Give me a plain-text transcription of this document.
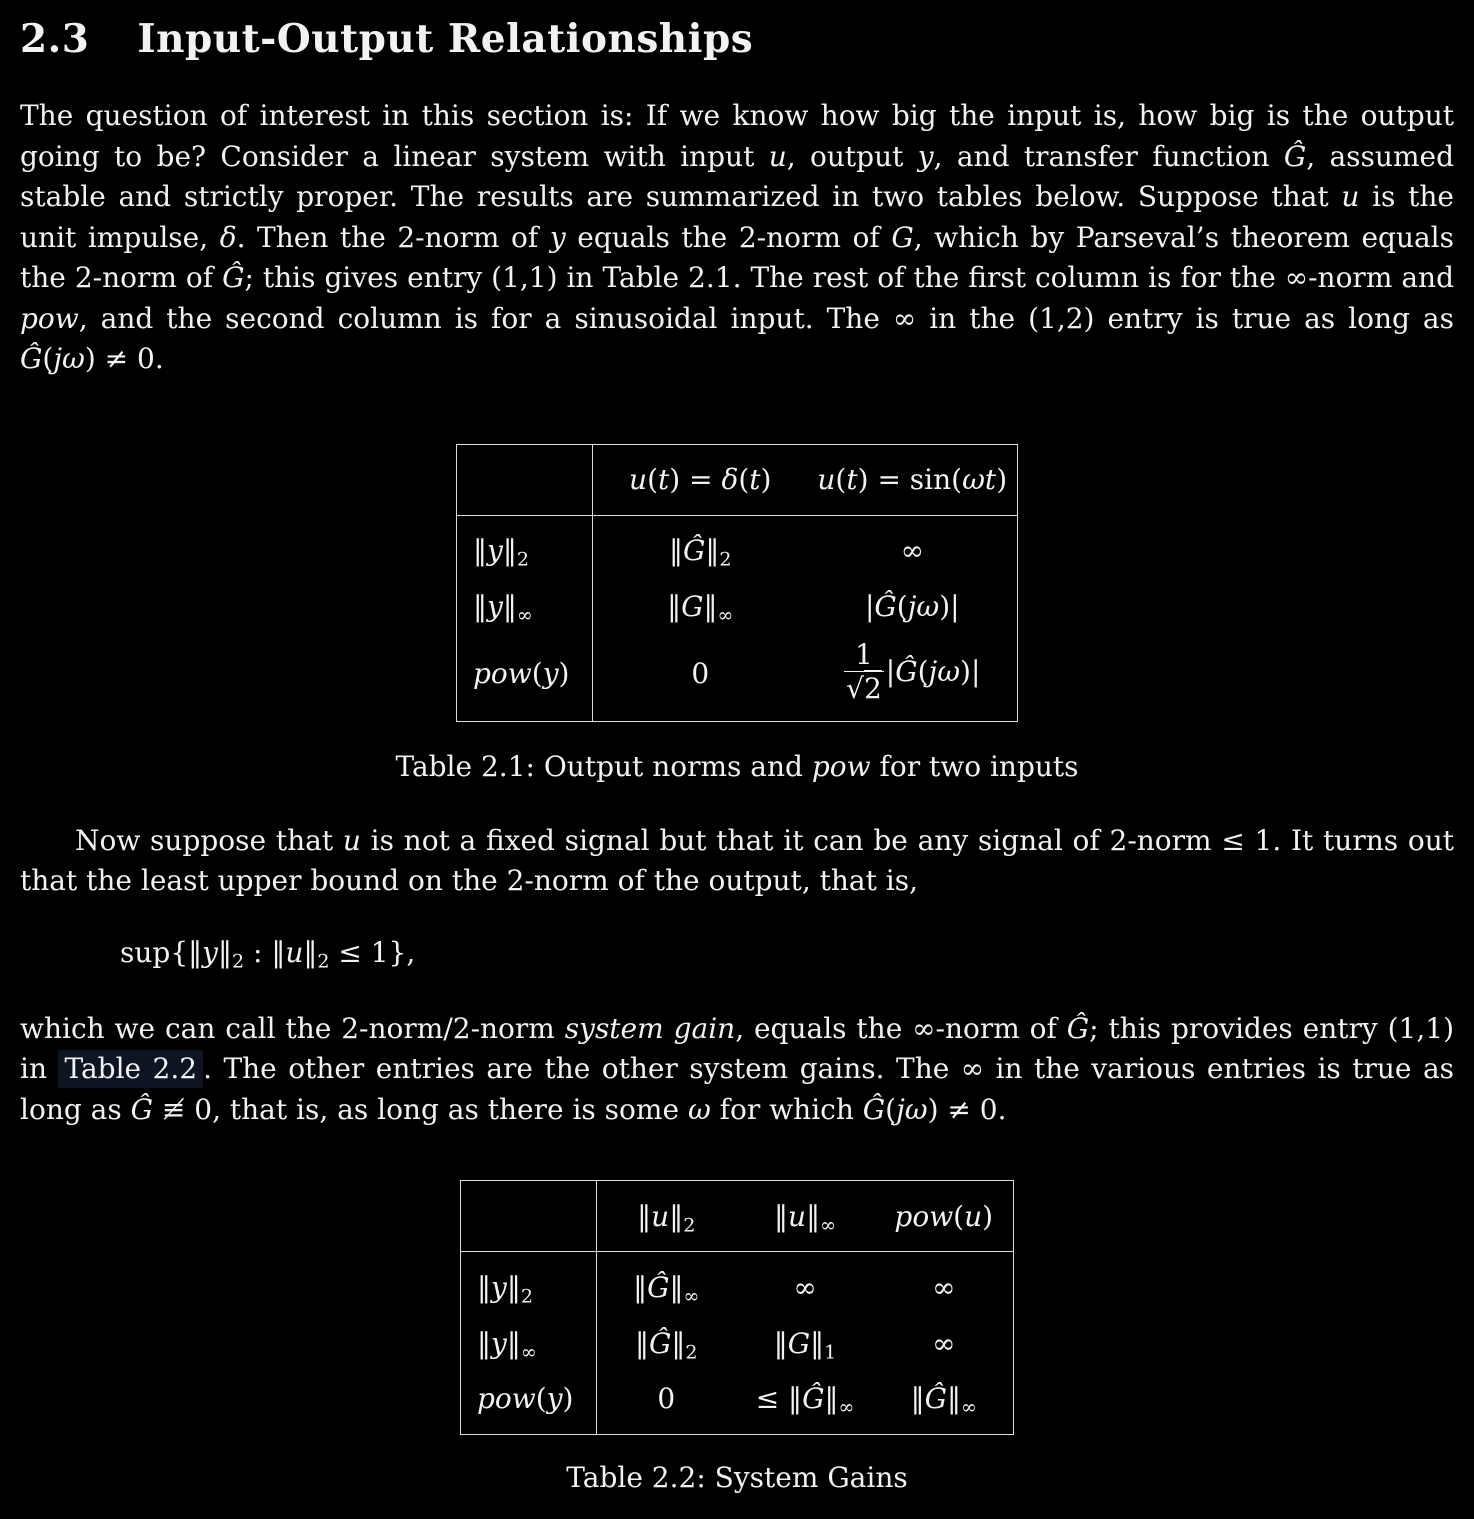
2.3 Input-Output Relationships

The question of interest in this section is: If we know how big the input is, how big is the output going to be? Consider a linear system with input u, output y, and transfer function Ĝ, assumed stable and strictly proper. The results are summarized in two tables below. Suppose that u is the unit impulse, δ. Then the 2-norm of y equals the 2-norm of G, which by Parseval’s theorem equals the 2-norm of Ĝ; this gives entry (1,1) in Table 2.1. The rest of the first column is for the ∞-norm and pow, and the second column is for a sinusoidal input. The ∞ in the (1,2) entry is true as long as Ĝ(jω) ≠ 0.

	u(t) = δ(t)	u(t) = sin(ωt)
$‖y‖_2$	$‖Ĝ‖_2$	∞
$‖y‖_\infty$	$‖G‖_\infty$	|Ĝ(jω)|
pow(y)	0	$\frac{1}{√2}$ |Ĝ(jω)|
Table 2.1: Output norms and pow for two inputs

Now suppose that u is not a fixed signal but that it can be any signal of 2-norm ≤ 1. It turns out that the least upper bound on the 2-norm of the output, that is,

$sup\{‖y‖_2$ : $‖u‖_2 \le 1$},

which we can call the 2-norm/2-norm system gain, equals the ∞-norm of Ĝ; this provides entry (1,1) in Table 2.2 . The other entries are the other system gains. The ∞ in the various entries is true as long as Ĝ ≢ 0, that is, as long as there is some ω for which Ĝ(jω) ≠ 0.

	$‖u‖_2$	$‖u‖_\infty$	pow(u)
$‖y‖_2$	$‖Ĝ‖_\infty$	∞	∞
$‖y‖_\infty$	$‖Ĝ‖_2$	$‖G‖_1$	∞
pow(y)	0	≤ $‖Ĝ‖_\infty$	$‖Ĝ‖_\infty$
Table 2.2: System Gains
